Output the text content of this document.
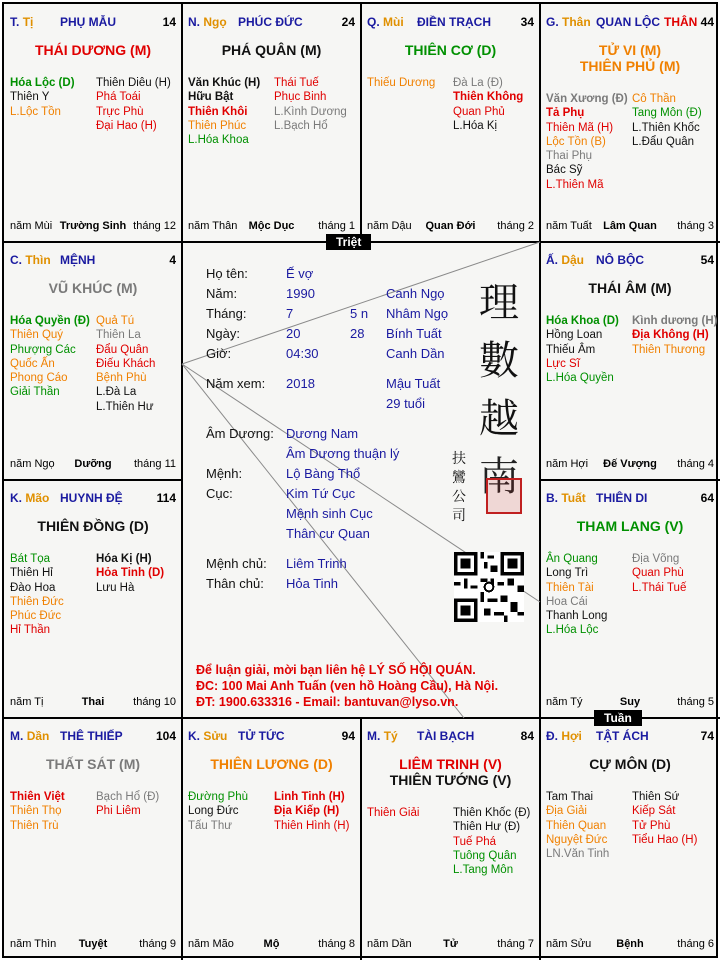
T. Tị PHỤ MẪU	14
THÁI DƯƠNG (M)
Hóa Lộc (D)
Thiên Y
L.Lộc Tồn
Thiên Diêu (H)
Phá Toái
Trực Phù
Đại Hao (H)
năm Mùi Trường Sinh tháng 12
N. Ngọ PHÚC ĐỨC	24
PHÁ QUÂN (M)
Văn Khúc (H)
Hữu Bật
Thiên Khôi
Thiên Phúc
L.Hóa Khoa
Thái Tuế
Phục Binh
L.Kình Dương
L.Bạch Hổ
năm Thân	Mộc Dục	tháng 1
Q. Mùi ĐIỀN TRẠCH	34
THIÊN CƠ (D)
Thiếu Dương Đà La (Đ)
Thiên Không
Quan Phủ
L.Hóa Kị
năm Dậu	Quan Đới	tháng 2
G. Thân QUAN LỘC THÂN 44
TỬ VI (M)
THIÊN PHỦ (M)
Văn Xương (Đ)
Tả Phụ
Thiên Mã (H)
Lộc Tồn (B)
Thai Phụ
Bác Sỹ
L.Thiên Mã
Cô Thần
Tang Môn (Đ)
L.Thiên Khốc
L.Đẩu Quân
năm Tuất	Lâm Quan	tháng 3
C. Thìn MỆNH	4
VŨ KHÚC (M)
Hóa Quyền (Đ)
Thiên Quý
Phượng Các
Quốc Ấn
Phong Cáo
Giải Thần
Quả Tú
Thiên La
Đẩu Quân
Điếu Khách
Bệnh Phù
L.Đà La
L.Thiên Hư
năm Ngọ	Dưỡng	tháng 11
Ấ. Dậu NÔ BỘC	54
THÁI ÂM (M)
Hóa Khoa (D)
Hồng Loan
Thiếu Âm
Lực Sĩ
L.Hóa Quyền
Kình dương (H)
Địa Không (H)
Thiên Thương
năm Hợi	Đế Vượng	tháng 4
K. Mão HUYNH ĐỆ	114
THIÊN ĐỒNG (D)
Bát Tọa
Thiên Hỉ
Đào Hoa
Thiên Đức
Phúc Đức
Hỉ Thần
Hóa Kị (H)
Hỏa Tinh (D)
Lưu Hà
năm Tị	Thai	tháng 10
B. Tuất THIÊN DI	64
THAM LANG (V)
Ân Quang
Long Trì
Thiên Tài
Hoa Cái
Thanh Long
L.Hóa Lộc
Địa Võng
Quan Phù
L.Thái Tuế
năm Tý	Suy	tháng 5
M. Dần THÊ THIẾP	104
THẤT SÁT (M)
Thiên Việt
Thiên Thọ
Thiên Trù
Bạch Hổ (Đ)
Phi Liêm
năm Thìn	Tuyệt	tháng 9
K. Sửu TỬ TỨC	94
THIÊN LƯƠNG (D)
Đường Phù
Long Đức
Tấu Thư
Linh Tinh (H)
Địa Kiếp (H)
Thiên Hình (H)
năm Mão	Mộ	tháng 8
M. Tý TÀI BẠCH	84
LIÊM TRINH (V)
THIÊN TƯỚNG (V)
Thiên Giải	Thiên Khốc (Đ)
Thiên Hư (Đ)
Tuế Phá
Tuông Quân
L.Tang Môn
năm Dần	Tử	tháng 7
Đ. Hợi TẬT ÁCH	74
CỰ MÔN (D)
Tam Thai
Địa Giải
Thiên Quan
Nguyệt Đức
LN.Văn Tinh
Thiên Sứ
Kiếp Sát
Tử Phù
Tiểu Hao (H)
năm Sửu	Bệnh	tháng 6
Triệt
Tuần
Họ tên:	Ế vợ
Năm:	1990	Canh Ngọ
Tháng:	7	5 n Nhâm Ngọ
Ngày:	20	28 Bính Tuất
Giờ:	04:30	Canh Dần
Năm xem: 2018	Mậu Tuất
29 tuổi
Âm Dương: Dương Nam
Âm Dương thuận lý
Mệnh:	Lộ Bàng Thổ
Cục:	Kim Tứ Cục
Mệnh sinh Cục
Thân cư Quan
Mệnh chủ: Liêm Trinh
Thân chủ: Hỏa Tinh
理
數
越
南
扶
鸞
公
司
Để luận giải, mời bạn liên hệ LÝ SỐ HỘI QUÁN.
ĐC: 100 Mai Anh Tuấn (ven hồ Hoàng Cầu), Hà Nội.
ĐT: 1900.633316 - Email: bantuvan@lyso.vn.
